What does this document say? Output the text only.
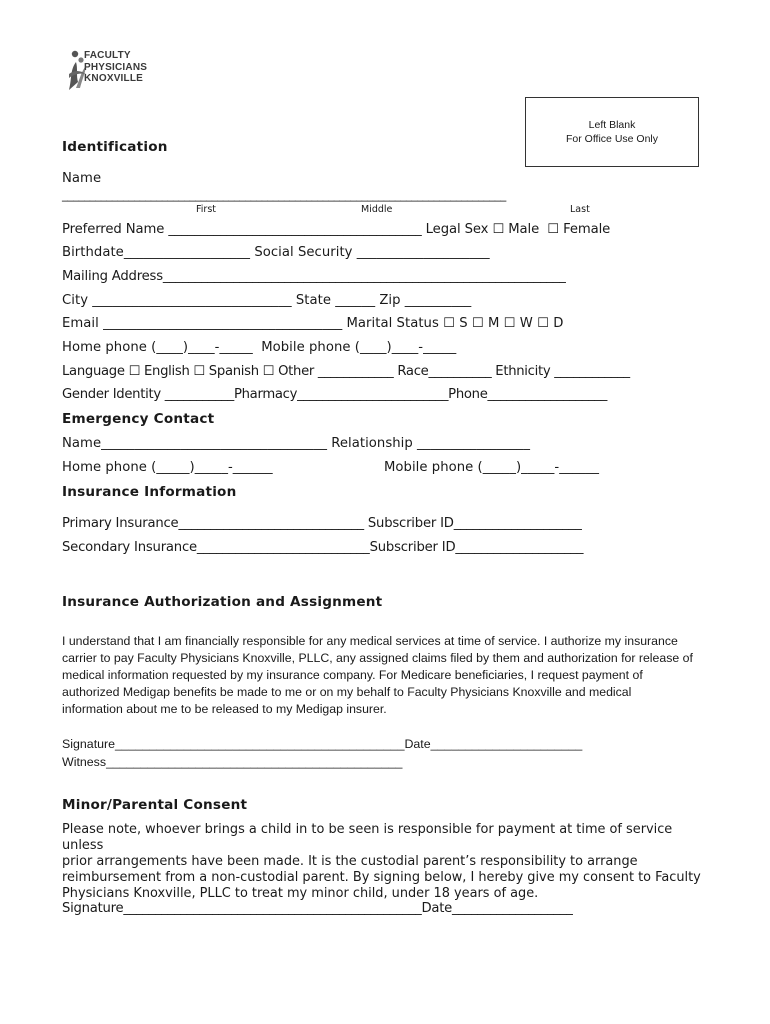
FACULTY
PHYSICIANS
KNOXVILLE
Left Blank
For Office Use Only
Identification
Name
________________________________________________________________________________
First	Middle	Last
Preferred Name _______________________________________ Legal Sex ☐ Male  ☐ Female
Birthdate___________________ Social Security ____________________
Mailing Address_______________________________________________________________
City ______________________________ State ______ Zip __________
Email ____________________________________ Marital Status ☐ S ☐ M ☐ W ☐ D
Home phone (____)____-_____  Mobile phone (____)____-_____
Language ☐ English ☐ Spanish ☐ Other ____________ Race__________ Ethnicity ____________
Gender Identity ___________Pharmacy________________________Phone___________________
Emergency Contact
Name__________________________________ Relationship _________________
Home phone (_____)_____-______	Mobile phone (_____)_____-______
Insurance Information
Primary Insurance_____________________________ Subscriber ID____________________
Secondary Insurance___________________________Subscriber ID____________________
Insurance Authorization and Assignment
I understand that I am financially responsible for any medical services at time of service. I authorize my insurance
carrier to pay Faculty Physicians Knoxville, PLLC, any assigned claims filed by them and authorization for release of
medical information requested by my insurance company. For Medicare beneficiaries, I request payment of
authorized Medigap benefits be made to me or on my behalf to Faculty Physicians Knoxville and medical
information about me to be released to my Medigap insurer.
Signature__________________________________________Date______________________
Witness___________________________________________
Minor/Parental Consent
Please note, whoever brings a child in to be seen is responsible for payment at time of service unless
prior arrangements have been made. It is the custodial parent’s responsibility to arrange
reimbursement from a non-custodial parent. By signing below, I hereby give my consent to Faculty
Physicians Knoxville, PLLC to treat my minor child, under 18 years of age.
Signature_______________________________________________Date___________________
